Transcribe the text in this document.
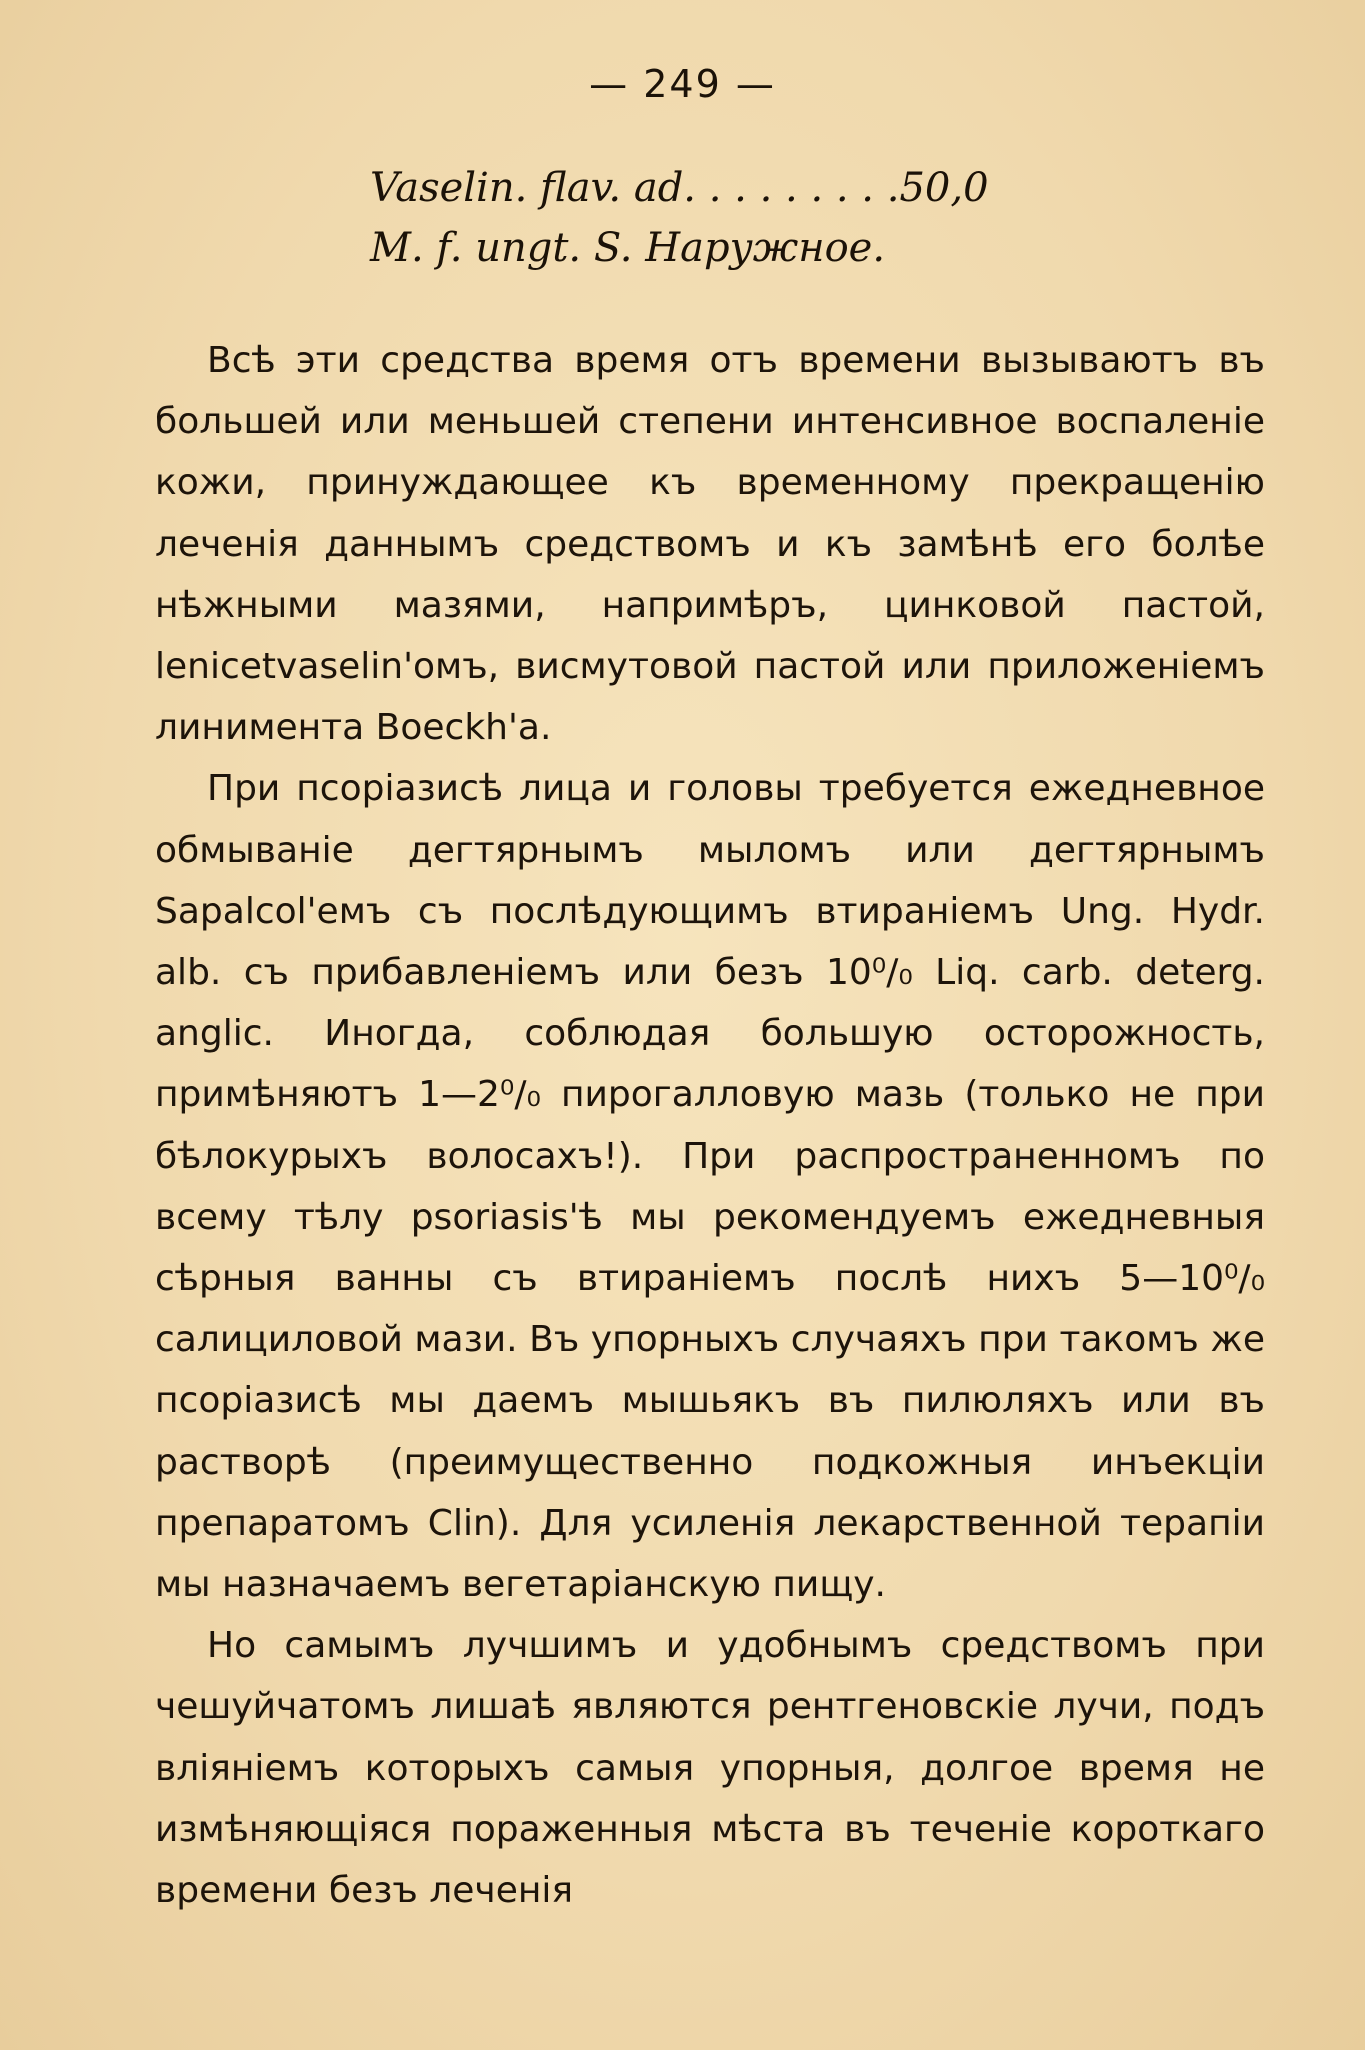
— 249 —
Vaselin. flav. ad. . . . . . . . .50,0
M. f. ungt. S. Наружное.

Всѣ эти средства время отъ времени вызываютъ въ большей или меньшей степени интенсивное воспаленіе кожи, принуждающее къ временному прекращенію леченія даннымъ средствомъ и къ замѣнѣ его болѣе нѣжными мазями, напримѣръ, цинковой пастой, lenicetvaselin'омъ, висмутовой пастой или приложеніемъ линимента Boeckh'а.

При псоріазисѣ лица и головы требуется ежедневное обмываніе дегтярнымъ мыломъ или дегтярнымъ Sapalcol'емъ съ послѣдующимъ втираніемъ Ung. Hydr. alb. съ прибавленіемъ или безъ 10⁰/₀ Liq. carb. deterg. anglic. Иногда, соблюдая большую осторожность, примѣняютъ 1—2⁰/₀ пирогалловую мазь (только не при бѣлокурыхъ волосахъ!). При распространенномъ по всему тѣлу psoriasis'ѣ мы рекомендуемъ ежедневныя сѣрныя ванны съ втираніемъ послѣ нихъ 5—10⁰/₀ салициловой мази. Въ упорныхъ случаяхъ при такомъ же псоріазисѣ мы даемъ мышьякъ въ пилюляхъ или въ растворѣ (преимущественно подкожныя инъекціи препаратомъ Clin). Для усиленія лекарственной терапіи мы назначаемъ вегетаріанскую пищу.

Но самымъ лучшимъ и удобнымъ средствомъ при чешуйчатомъ лишаѣ являются рентгеновскіе лучи, подъ вліяніемъ которыхъ самыя упорныя, долгое время не измѣняющіяся пораженныя мѣста въ теченіе короткаго времени безъ леченія
